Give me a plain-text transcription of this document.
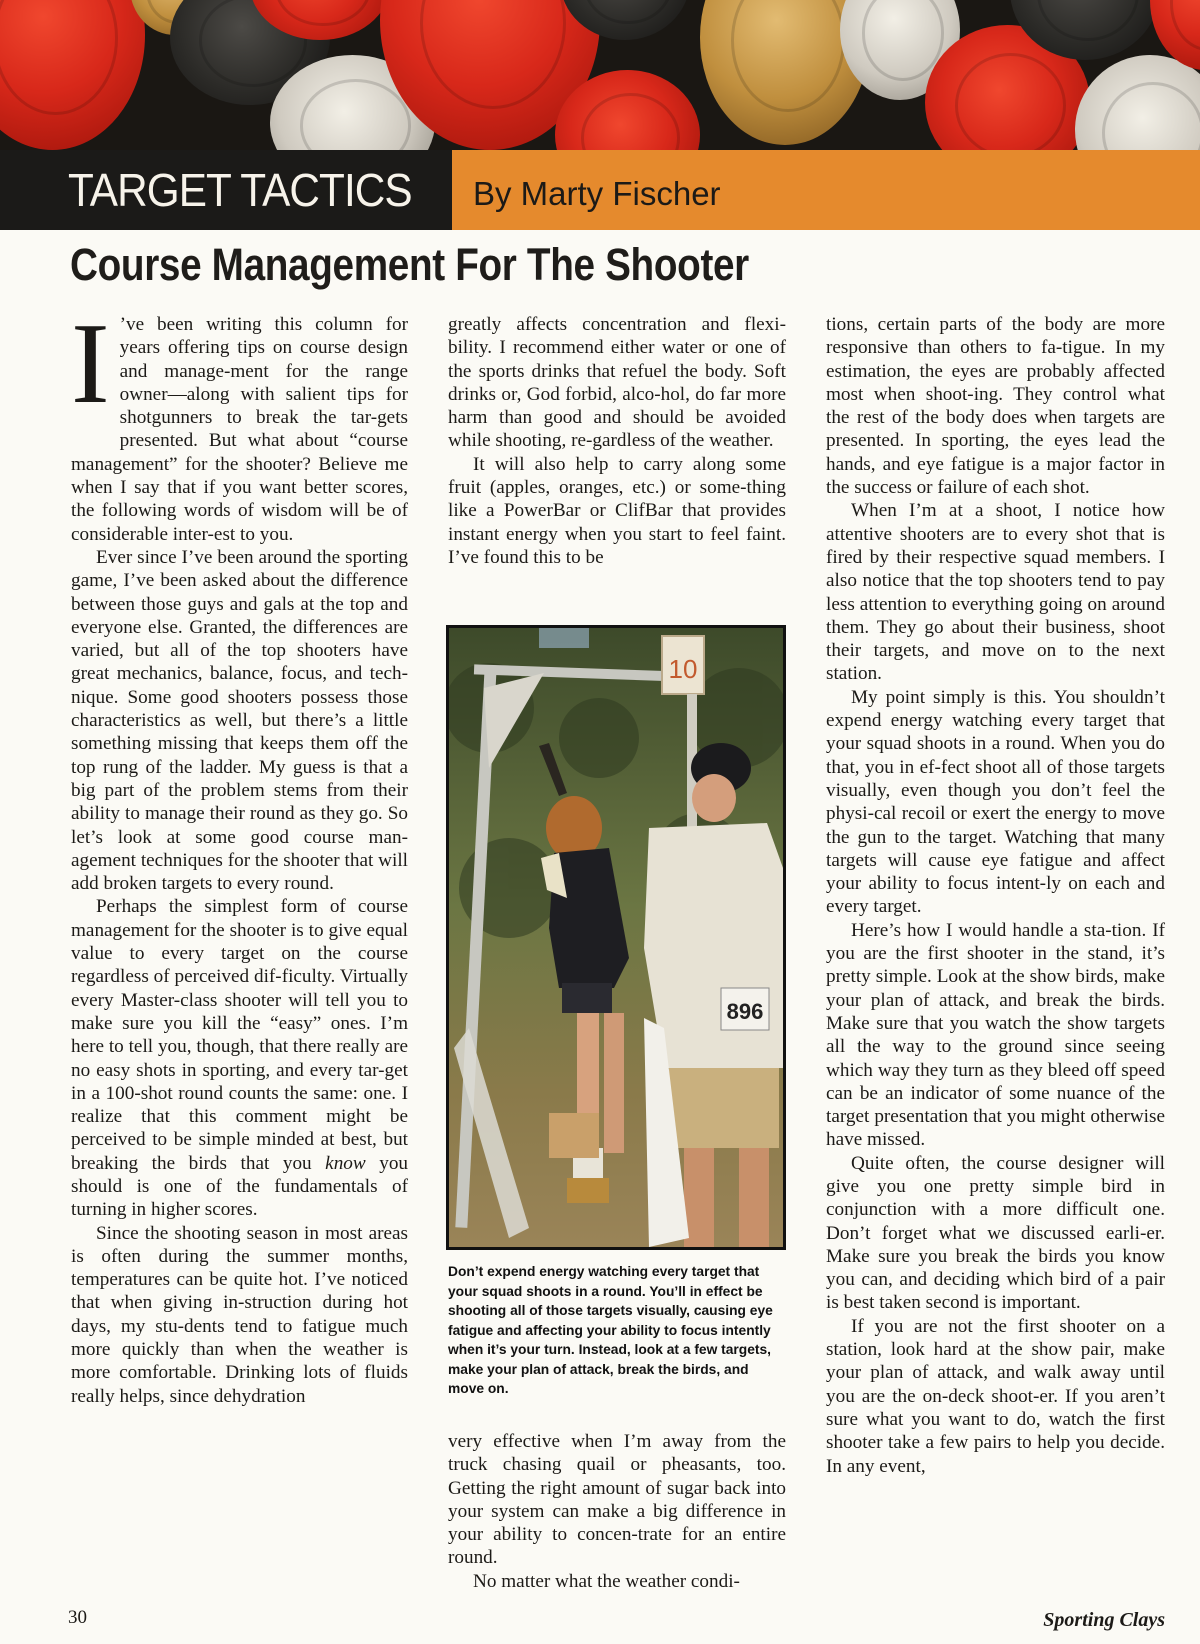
TARGET TACTICS By Marty Fischer
Course Management For The Shooter

I ’ve been writing this column for years offering tips on course design and manage-ment for the range owner—along with salient tips for shotgunners to break the tar-gets presented. But what about “course management” for the shooter? Believe me when I say that if you want better scores, the following words of wisdom will be of considerable inter-est to you.

Ever since I’ve been around the sporting game, I’ve been asked about the difference between those guys and gals at the top and everyone else. Granted, the differences are varied, but all of the top shooters have great mechanics, balance, focus, and tech-nique. Some good shooters possess those characteristics as well, but there’s a little something missing that keeps them off the top rung of the ladder. My guess is that a big part of the problem stems from their ability to manage their round as they go. So let’s look at some good course man-agement techniques for the shooter that will add broken targets to every round.

Perhaps the simplest form of course management for the shooter is to give equal value to every target on the course regardless of perceived dif-ficulty. Virtually every Master-class shooter will tell you to make sure you kill the “easy” ones. I’m here to tell you, though, that there really are no easy shots in sporting, and every tar-get in a 100-shot round counts the same: one. I realize that this comment might be perceived to be simple minded at best, but breaking the birds that you know you should is one of the fundamentals of turning in higher scores.

Since the shooting season in most areas is often during the summer months, temperatures can be quite hot. I’ve noticed that when giving in-struction during hot days, my stu-dents tend to fatigue much more quickly than when the weather is more comfortable. Drinking lots of fluids really helps, since dehydration

greatly affects concentration and flexi-bility. I recommend either water or one of the sports drinks that refuel the body. Soft drinks or, God forbid, alco-hol, do far more harm than good and should be avoided while shooting, re-gardless of the weather.

It will also help to carry along some fruit (apples, oranges, etc.) or some-thing like a PowerBar or ClifBar that provides instant energy when you start to feel faint. I’ve found this to be

10
896
Don’t expend energy watching every target that your squad shoots in a round. You’ll in effect be shooting all of those targets visually, causing eye fatigue and affecting your ability to focus intently when it’s your turn. Instead, look at a few targets, make your plan of attack, break the birds, and move on.

very effective when I’m away from the truck chasing quail or pheasants, too. Getting the right amount of sugar back into your system can make a big difference in your ability to concen-trate for an entire round.

No matter what the weather condi-

tions, certain parts of the body are more responsive than others to fa-tigue. In my estimation, the eyes are probably affected most when shoot-ing. They control what the rest of the body does when targets are presented. In sporting, the eyes lead the hands, and eye fatigue is a major factor in the success or failure of each shot.

When I’m at a shoot, I notice how attentive shooters are to every shot that is fired by their respective squad members. I also notice that the top shooters tend to pay less attention to everything going on around them. They go about their business, shoot their targets, and move on to the next station.

My point simply is this. You shouldn’t expend energy watching every target that your squad shoots in a round. When you do that, you in ef-fect shoot all of those targets visually, even though you don’t feel the physi-cal recoil or exert the energy to move the gun to the target. Watching that many targets will cause eye fatigue and affect your ability to focus intent-ly on each and every target.

Here’s how I would handle a sta-tion. If you are the first shooter in the stand, it’s pretty simple. Look at the show birds, make your plan of attack, and break the birds. Make sure that you watch the show targets all the way to the ground since seeing which way they turn as they bleed off speed can be an indicator of some nuance of the target presentation that you might otherwise have missed.

Quite often, the course designer will give you one pretty simple bird in conjunction with a more difficult one. Don’t forget what we discussed earli-er. Make sure you break the birds you know you can, and deciding which bird of a pair is best taken second is important.

If you are not the first shooter on a station, look hard at the show pair, make your plan of attack, and walk away until you are the on-deck shoot-er. If you aren’t sure what you want to do, watch the first shooter take a few pairs to help you decide. In any event,

30	Sporting Clays
